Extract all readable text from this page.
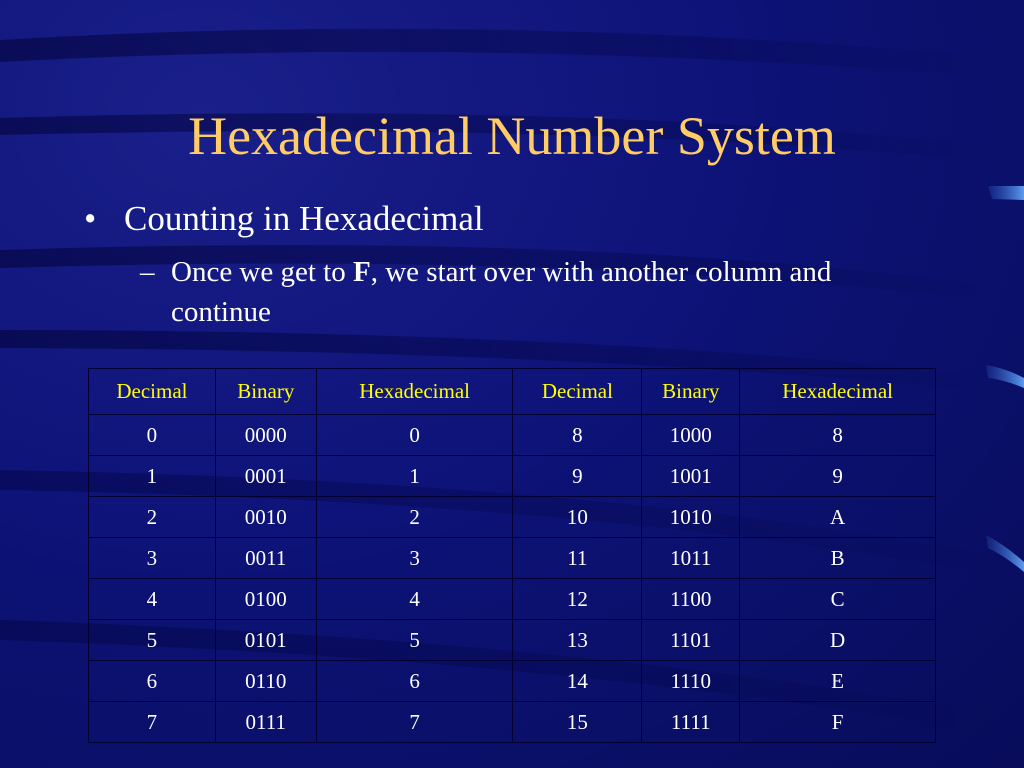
Hexadecimal Number System
• Counting in Hexadecimal
– Once we get to F, we start over with another column and continue
Decimal	Binary	Hexadecimal	Decimal	Binary	Hexadecimal
0	0000	0	8	1000	8
1	0001	1	9	1001	9
2	0010	2	10	1010	A
3	0011	3	11	1011	B
4	0100	4	12	1100	C
5	0101	5	13	1101	D
6	0110	6	14	1110	E
7	0111	7	15	1111	F
